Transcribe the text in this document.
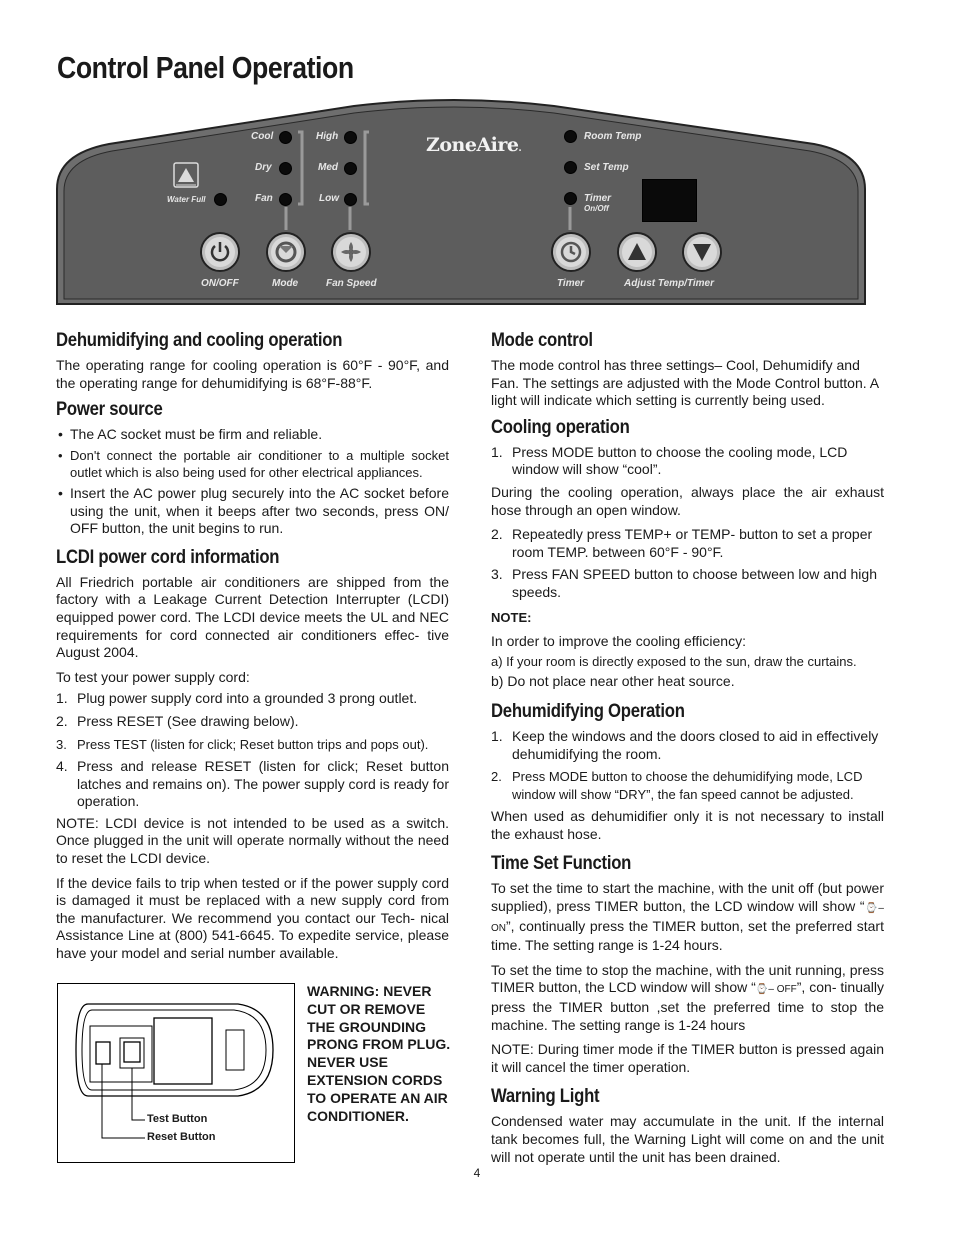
Control Panel Operation
ZoneAire.
Cool
Dry
Fan
High
Med
Low
Water Full
Room Temp
Set Temp
Timer
On/Off
ON/OFF	Mode	Fan Speed	Timer	Adjust Temp/Timer
Dehumidifying and cooling operation

The operating range for cooling operation is 60°F - 90°F, and the operating range for dehumidifying is 68°F-88°F.

Power source
• The AC socket must be firm and reliable.
• Don't connect the portable air conditioner to a multiple socket outlet which is also being used for other electrical appliances.
• Insert the AC power plug securely into the AC socket before using the unit, when it beeps after two seconds, press ON/ OFF button, the unit begins to run.
LCDI power cord information

All Friedrich portable air conditioners are shipped from the factory with a Leakage Current Detection Interrupter (LCDI) equipped power cord. The LCDI device meets the UL and NEC requirements for cord connected air conditioners effec- tive August 2004.

To test your power supply cord:

1. Plug power supply cord into a grounded 3 prong outlet.
2. Press RESET (See drawing below).
3. Press TEST (listen for click; Reset button trips and pops out).
4. Press and release RESET (listen for click; Reset button latches and remains on). The power supply cord is ready for operation.

NOTE: LCDI device is not intended to be used as a switch. Once plugged in the unit will operate normally without the need to reset the LCDI device.

If the device fails to trip when tested or if the power supply cord is damaged it must be replaced with a new supply cord from the manufacturer. We recommend you contact our Tech- nical Assistance Line at (800) 541-6645. To expedite service, please have your model and serial number available.

Test Button
Reset Button

WARNING: NEVER CUT OR REMOVE THE GROUNDING PRONG FROM PLUG. NEVER USE EXTENSION CORDS TO OPERATE AN AIR CONDITIONER.

Mode control

The mode control has three settings– Cool, Dehumidify and Fan. The settings are adjusted with the Mode Control button. A light will indicate which setting is currently being used.

Cooling operation
1. Press MODE button to choose the cooling mode, LCD window will show “cool”.

During the cooling operation, always place the air exhaust hose through an open window.

2. Repeatedly press TEMP+ or TEMP- button to set a proper room TEMP. between 60°F - 90°F.
3. Press FAN SPEED button to choose between low and high speeds.

NOTE:

In order to improve the cooling efficiency:

a) If your room is directly exposed to the sun, draw the curtains.

b) Do not place near other heat source.

Dehumidifying Operation
1. Keep the windows and the doors closed to aid in effectively dehumidifying the room.
2. Press MODE button to choose the dehumidifying mode, LCD window will show “DRY”, the fan speed cannot be adjusted.

When used as dehumidifier only it is not necessary to install the exhaust hose.

Time Set Function

To set the time to start the machine, with the unit off (but power supplied), press TIMER button, the LCD window will show “⌚– ON”, continually press the TIMER button, set the preferred start time. The setting range is 1-24 hours.

To set the time to stop the machine, with the unit running, press TIMER button, the LCD window will show “⌚– OFF”, con- tinually press the TIMER button ,set the preferred time to stop the machine. The setting range is 1-24 hours

NOTE: During timer mode if the TIMER button is pressed again it will cancel the timer operation.

Warning Light

Condensed water may accumulate in the unit. If the internal tank becomes full, the Warning Light will come on and the unit will not operate until the unit has been drained.

4
